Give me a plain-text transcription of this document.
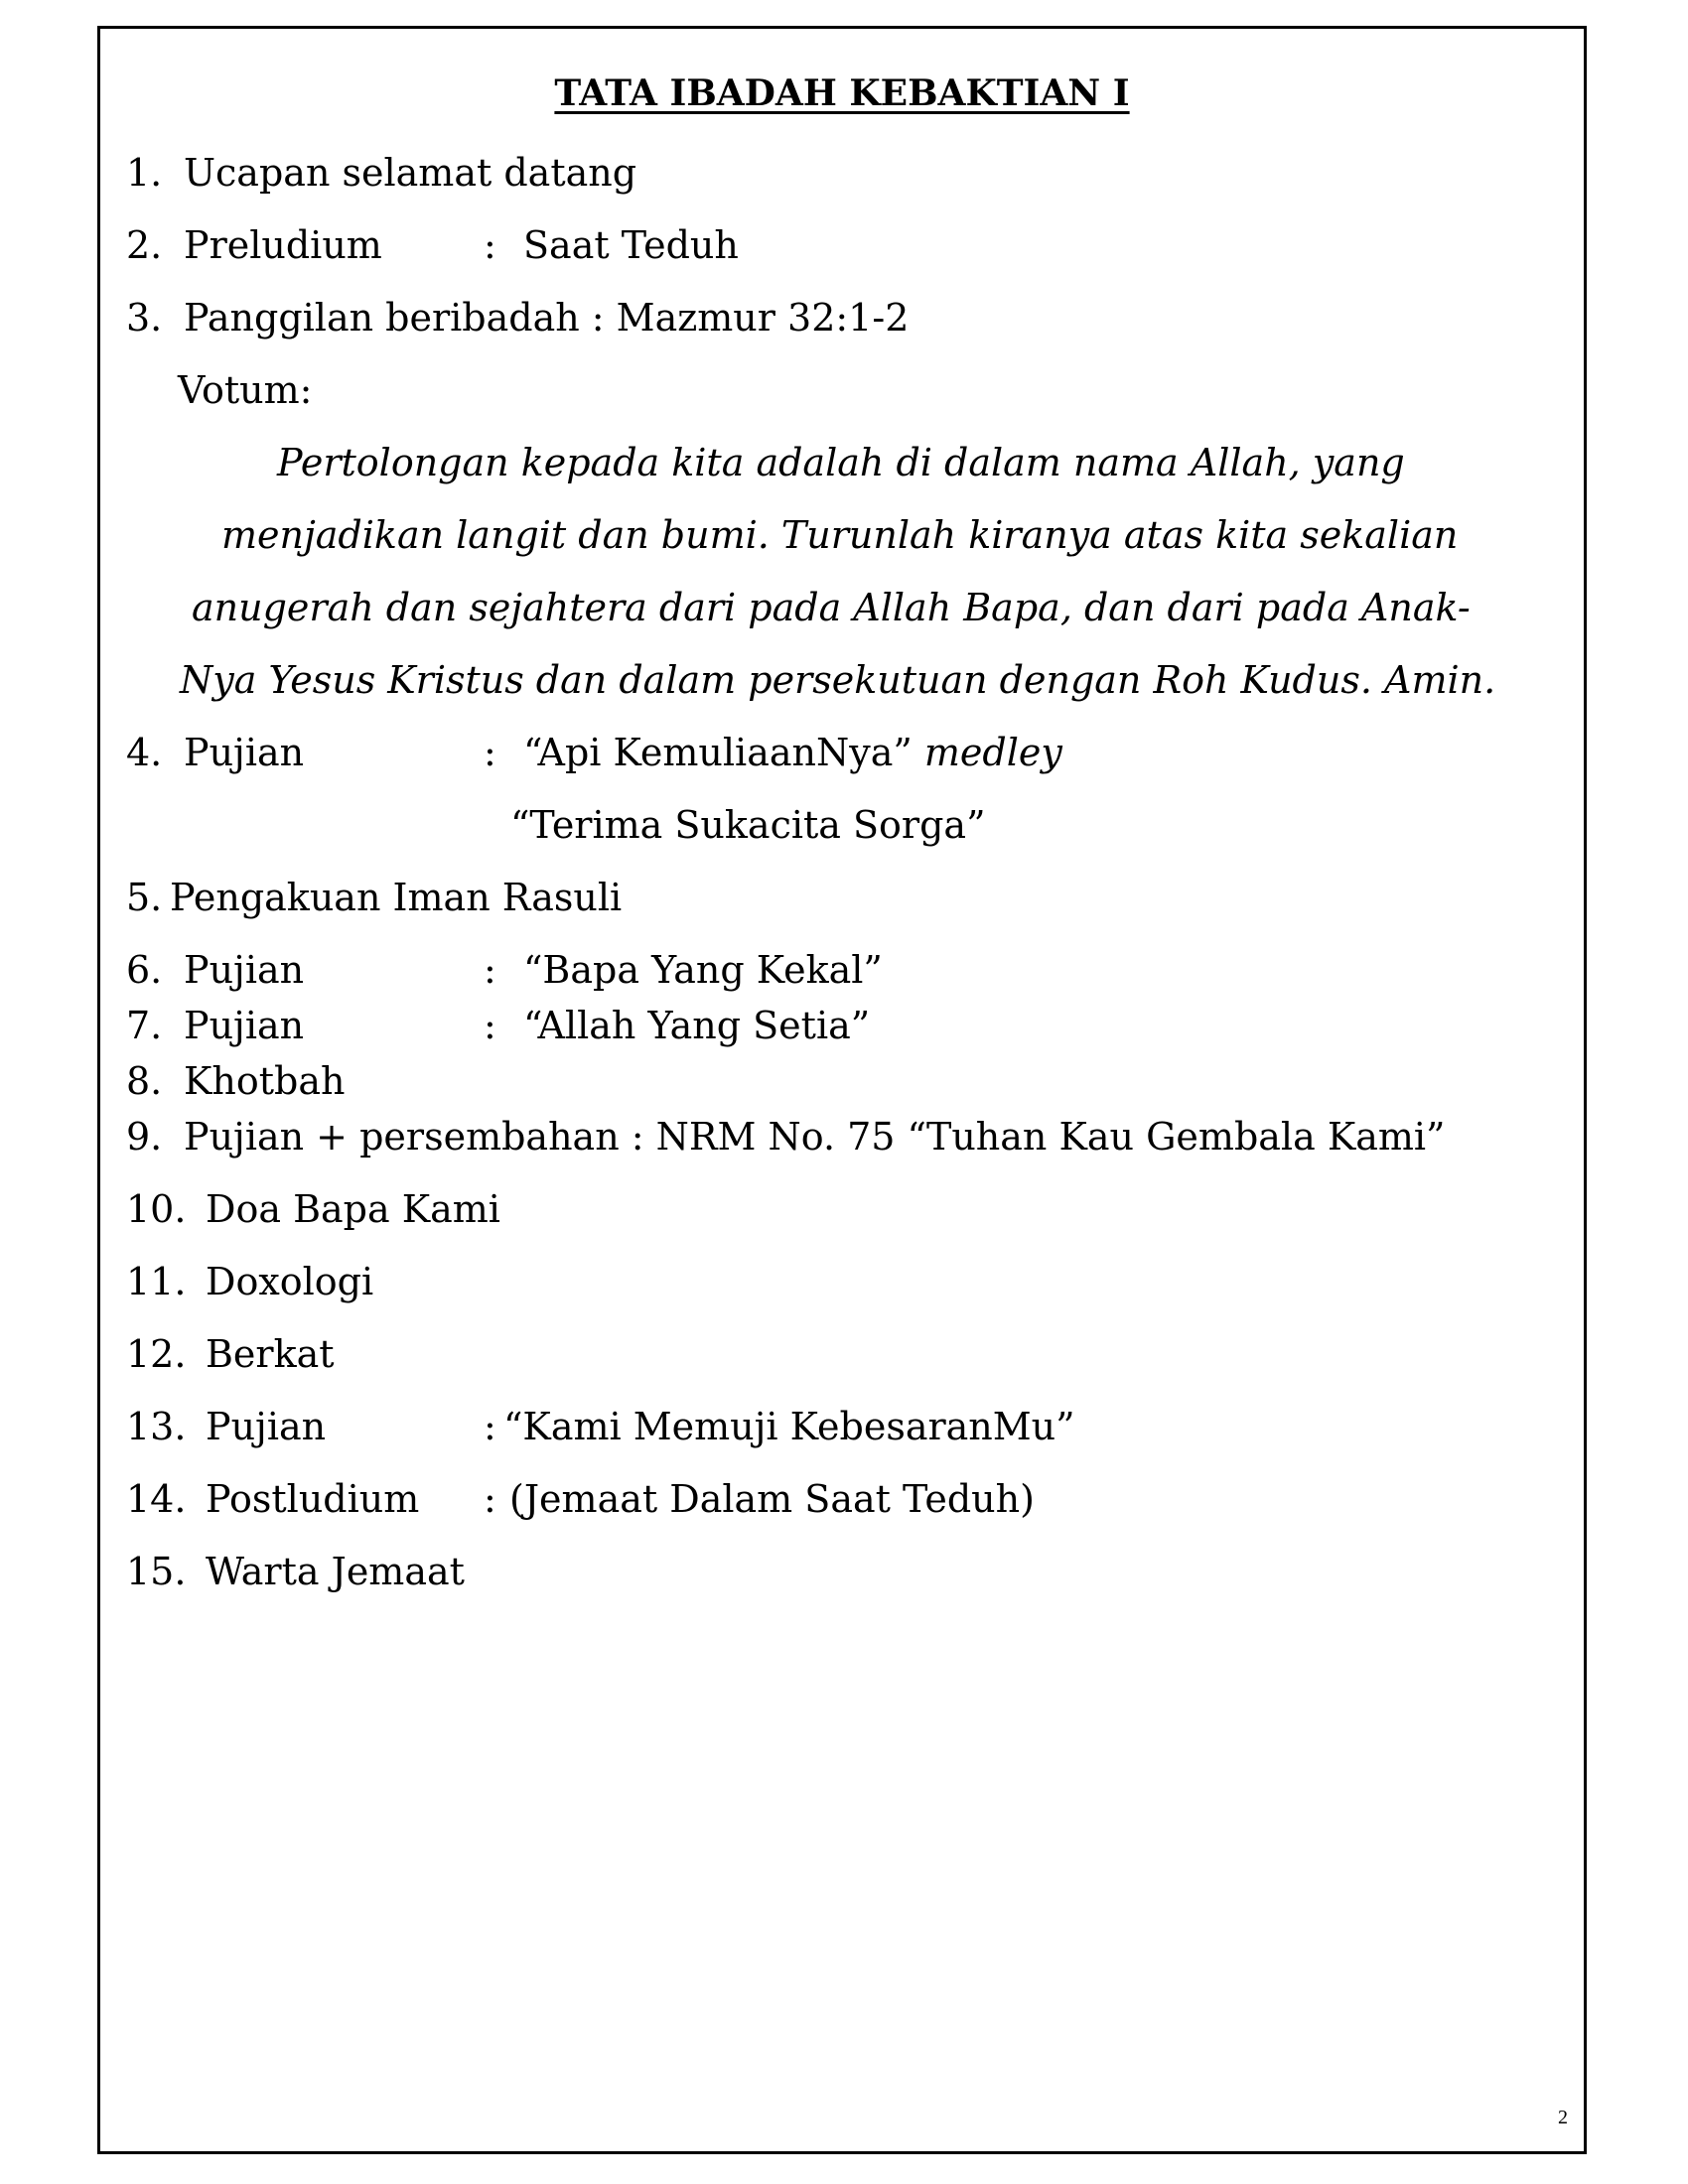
TATA IBADAH KEBAKTIAN I
1. Ucapan selamat datang
2. Preludium	: Saat Teduh
3. Panggilan beribadah : Mazmur 32:1-2
Votum:
Pertolongan kepada kita adalah di dalam nama Allah, yang
menjadikan langit dan bumi. Turunlah kiranya atas kita sekalian
anugerah dan sejahtera dari pada Allah Bapa, dan dari pada Anak-
Nya Yesus Kristus dan dalam persekutuan dengan Roh Kudus. Amin.
4. Pujian	: “Api KemuliaanNya” medley
“Terima Sukacita Sorga”
5. Pengakuan Iman Rasuli
6. Pujian	: “Bapa Yang Kekal”
7. Pujian	: “Allah Yang Setia”
8. Khotbah
9. Pujian + persembahan : NRM No. 75 “Tuhan Kau Gembala Kami”
10. Doa Bapa Kami
11. Doxologi
12. Berkat
13. Pujian	: “Kami Memuji KebesaranMu”
14. Postludium : (Jemaat Dalam Saat Teduh)
15. Warta Jemaat
2
